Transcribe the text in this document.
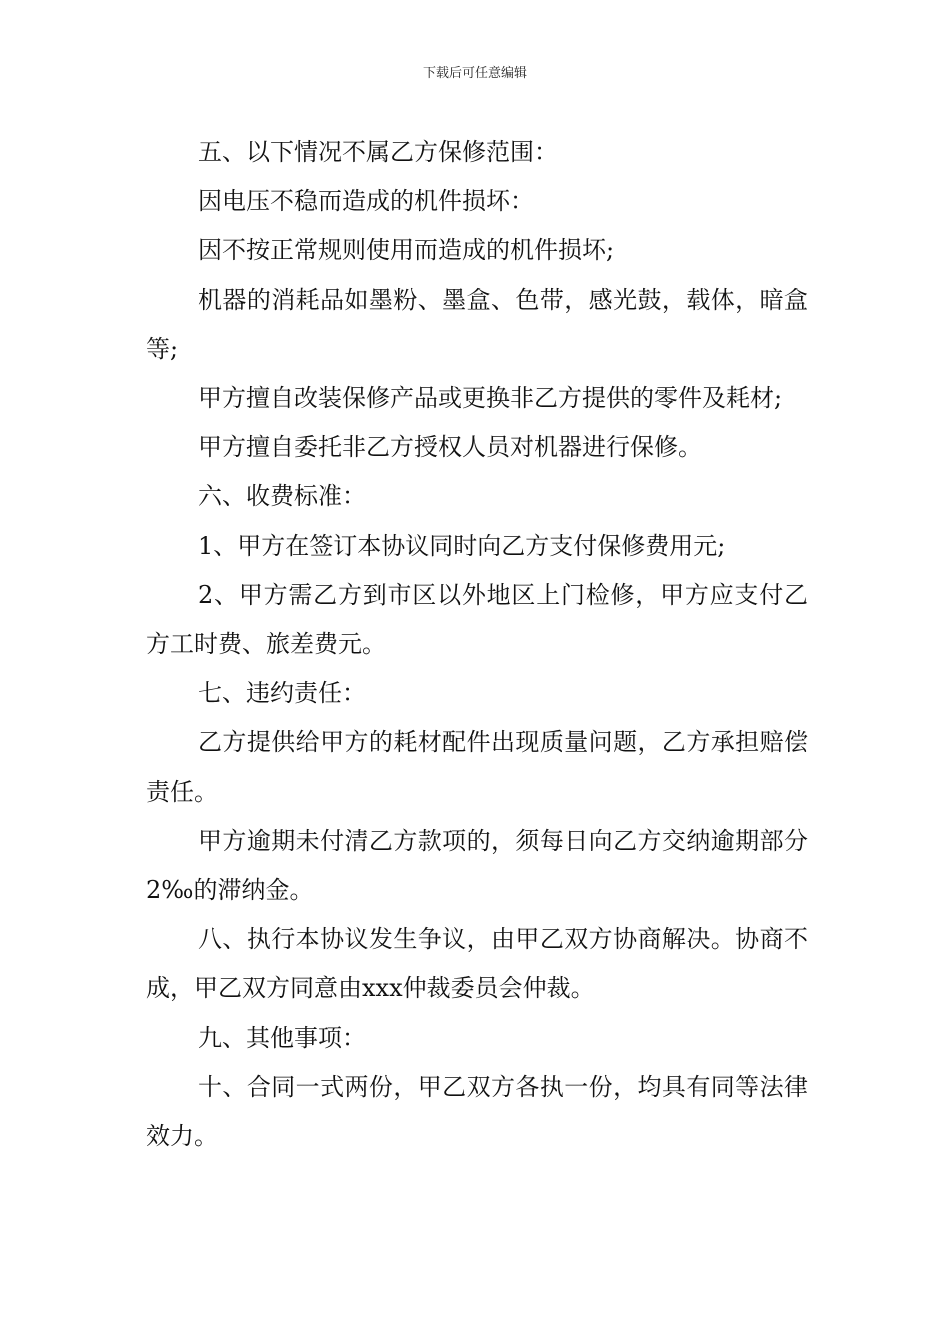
下载后可任意编辑

五、以下情况不属乙方保修范围：

因电压不稳而造成的机件损坏：

因不按正常规则使用而造成的机件损坏;

机器的消耗品如墨粉、墨盒、色带，感光鼓，载体，暗盒等;

甲方擅自改装保修产品或更换非乙方提供的零件及耗材;

甲方擅自委托非乙方授权人员对机器进行保修。

六、收费标准：

1、甲方在签订本协议同时向乙方支付保修费用元;

2、甲方需乙方到市区以外地区上门检修，甲方应支付乙方工时费、旅差费元。

七、违约责任：

乙方提供给甲方的耗材配件出现质量问题，乙方承担赔偿责任。

甲方逾期未付清乙方款项的，须每日向乙方交纳逾期部分2‰的滞纳金。

八、执行本协议发生争议，由甲乙双方协商解决。协商不成，甲乙双方同意由xxx仲裁委员会仲裁。

九、其他事项：

十、合同一式两份，甲乙双方各执一份，均具有同等法律效力。
